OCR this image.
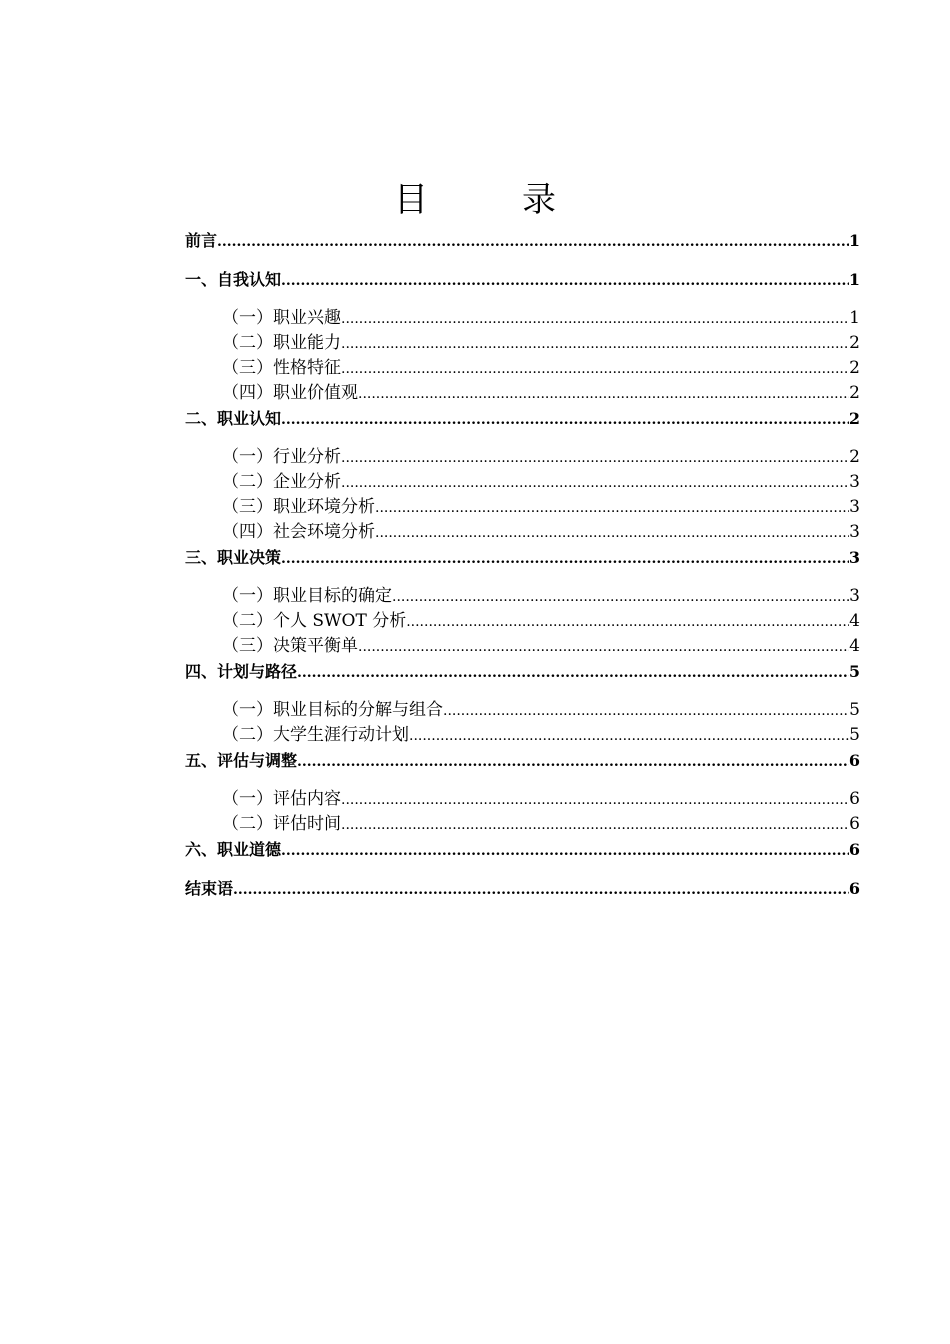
目　录
前言 .....	1
一、自我认知 .....	1
（一）职业兴趣 .....	1
（二）职业能力 .....	2
（三）性格特征 .....	2
（四）职业价值观 .....	2
二、职业认知 .....	2
（一）行业分析 .....	2
（二）企业分析 .....	3
（三）职业环境分析 .....	3
（四）社会环境分析 .....	3
三、职业决策 .....	3
（一）职业目标的确定 .....	3
（二）个人 SWOT 分析 .....	4
（三）决策平衡单 .....	4
四、计划与路径 .....	5
（一）职业目标的分解与组合 .....	5
（二）大学生涯行动计划 .....	5
五、评估与调整 .....	6
（一）评估内容 .....	6
（二）评估时间 .....	6
六、职业道德 .....	6
结束语 .....	6
